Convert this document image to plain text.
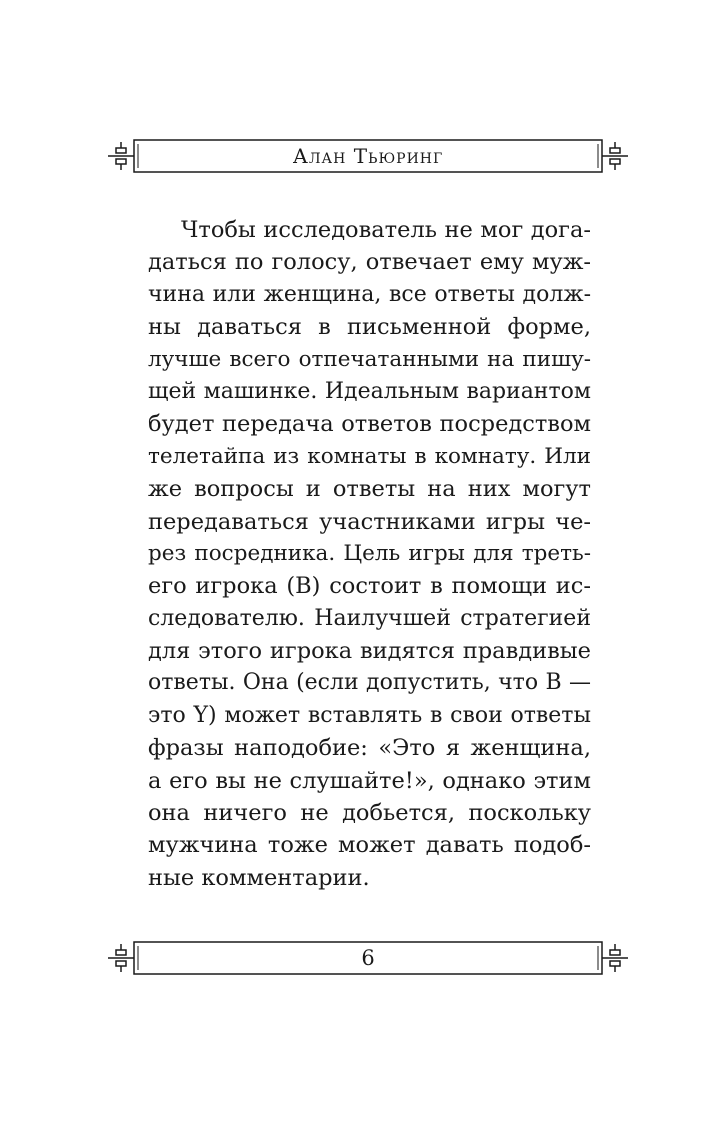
Алан Тьюринг
Чтобы исследователь не мог дога-
даться по голосу, отвечает ему муж-
чина или женщина, все ответы долж-
ны даваться в письменной форме,
лучше всего отпечатанными на пишу-
щей машинке. Идеальным вариантом
будет передача ответов посредством
телетайпа из комнаты в комнату. Или
же вопросы и ответы на них могут
передаваться участниками игры че-
рез посредника. Цель игры для треть-
его игрока (В) состоит в помощи ис-
следователю. Наилучшей стратегией
для этого игрока видятся правдивые
ответы. Она (если допустить, что В —
это Y) может вставлять в свои ответы
фразы наподобие: «Это я женщина,
а его вы не слушайте!», однако этим
она ничего не добьется, поскольку
мужчина тоже может давать подоб-
ные комментарии.
6
